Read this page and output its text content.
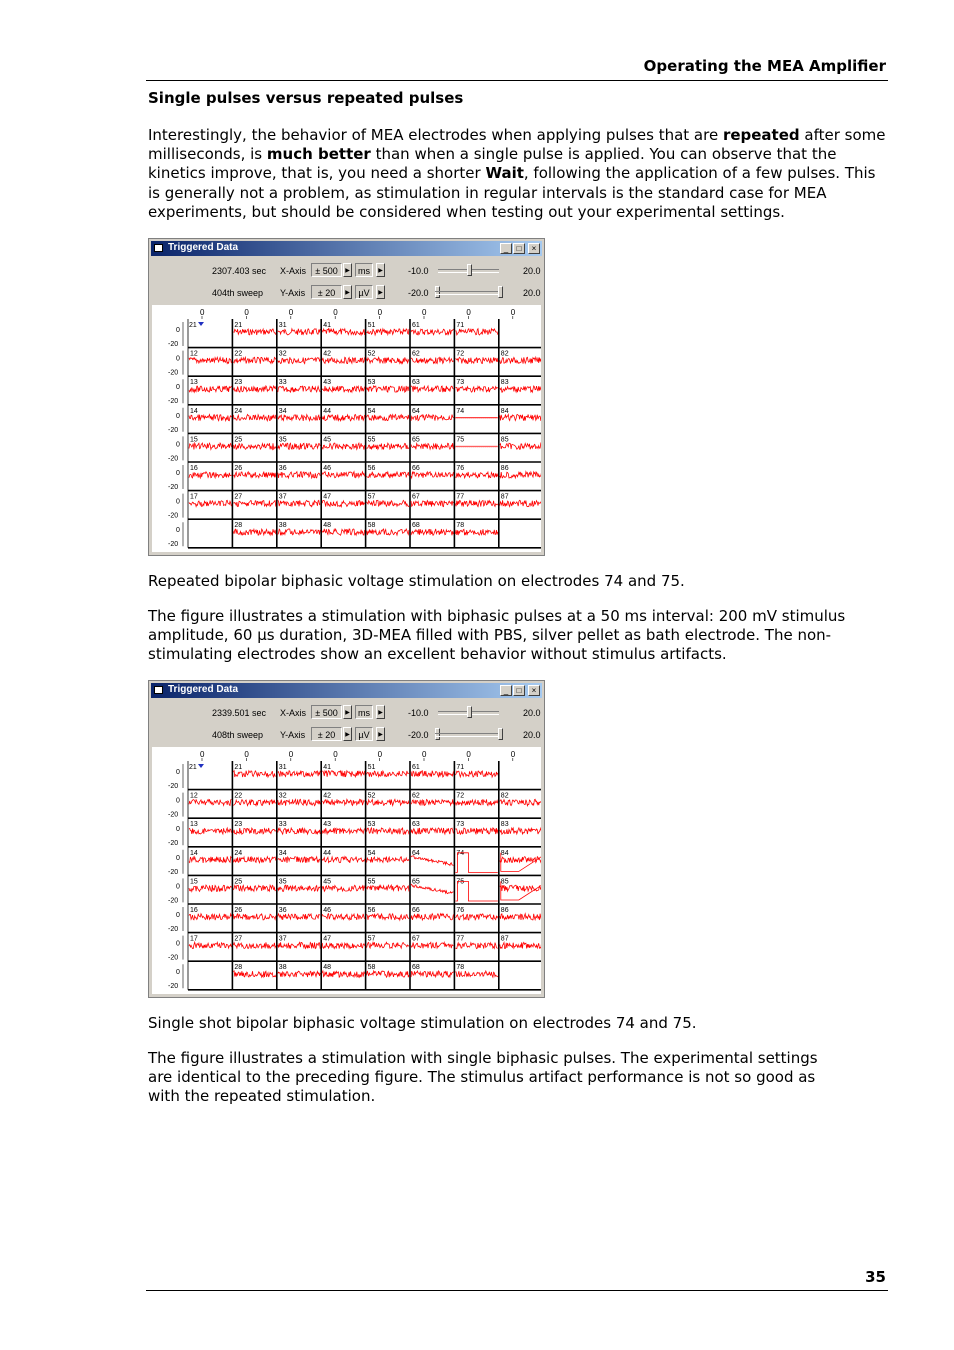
Operating the MEA Amplifier
Single pulses versus repeated pulses

Interestingly, the behavior of MEA electrodes when applying pulses that are repeated after some milliseconds, is much better than when a single pulse is applied. You can observe that the kinetics improve, that is, you need a shorter Wait, following the application of a few pulses. This is generally not a problem, as stimulation in regular intervals is the standard case for MEA experiments, but should be considered when testing out your experimental settings.

Triggered Data	_	□	×
2307.403 sec
404th sweep
X-Axis
Y-Axis
± 500	▶ ms	▶
± 20	▶ µV	▶
-10.0	20.0
-20.0	20.0
0	0	0	0	0	0	0	0
0
-20
0
-20
0
-20
0
-20
0
-20
0
-20
0
-20
0
-20
21	21	31	41	51	61	71
12	22	32	42	52	62	72	82
13	23	33	43	53	63	73	83
14	24	34	44	54	64	74	84
15	25	35	45	55	65	75	85
16	26	36	46	56	66	76	86
17	27	37	47	57	67	77	87
28	38	48	58	68	78

Repeated bipolar biphasic voltage stimulation on electrodes 74 and 75.

The figure illustrates a stimulation with biphasic pulses at a 50 ms interval: 200 mV stimulus amplitude, 60 µs duration, 3D-MEA filled with PBS, silver pellet as bath electrode. The non-stimulating electrodes show an excellent behavior without stimulus artifacts.

Triggered Data	_	□	×
2339.501 sec
408th sweep
X-Axis
Y-Axis
± 500	▶ ms	▶
± 20	▶ µV	▶
-10.0	20.0
-20.0	20.0
0	0	0	0	0	0	0	0
0
-20
0
-20
0
-20
0
-20
0
-20
0
-20
0
-20
0
-20
21	21	31	41	51	61	71
12	22	32	42	52	62	72	82
13	23	33	43	53	63	73	83
14	24	34	44	54	64	74	84
15	25	35	45	55	65	75	85
16	26	36	46	56	66	76	86
17	27	37	47	57	67	77	87
28	38	48	58	68	78

Single shot bipolar biphasic voltage stimulation on electrodes 74 and 75.

The figure illustrates a stimulation with single biphasic pulses. The experimental settings are identical to the preceding figure. The stimulus artifact performance is not so good as with the repeated stimulation.

35
